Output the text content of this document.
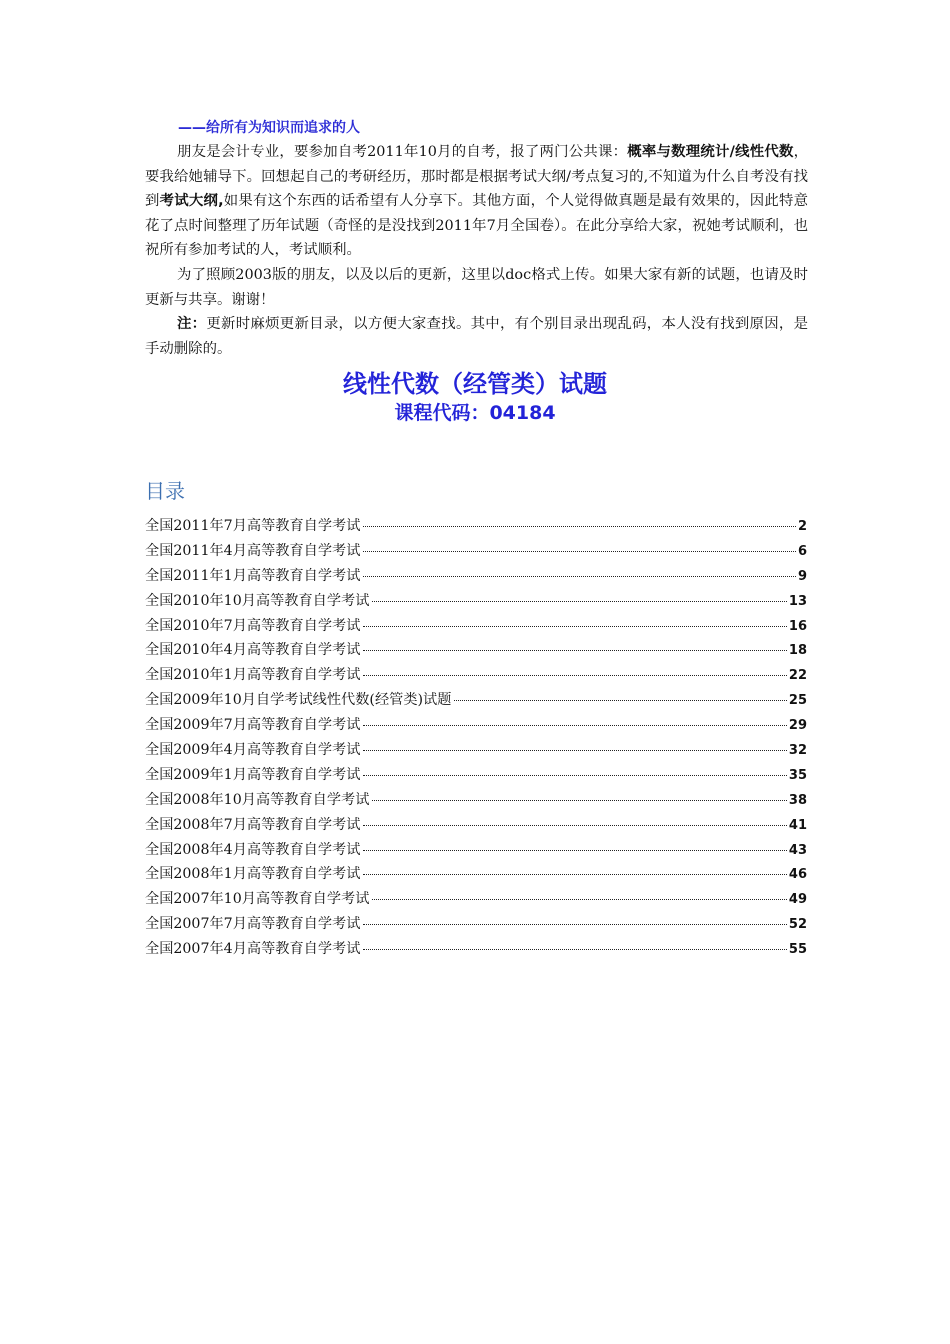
——给所有为知识而追求的人

朋友是会计专业，要参加自考2011年10月的自考，报了两门公共课：概率与数理统计/线性代数，要我给她辅导下。回想起自己的考研经历，那时都是根据考试大纲/考点复习的,不知道为什么自考没有找到考试大纲,如果有这个东西的话希望有人分享下。其他方面，个人觉得做真题是最有效果的，因此特意花了点时间整理了历年试题（奇怪的是没找到2011年7月全国卷）。在此分享给大家，祝她考试顺利，也祝所有参加考试的人，考试顺利。

为了照顾2003版的朋友，以及以后的更新，这里以doc格式上传。如果大家有新的试题，也请及时更新与共享。谢谢！

注：更新时麻烦更新目录，以方便大家查找。其中，有个别目录出现乱码，本人没有找到原因，是手动删除的。

线性代数（经管类）试题
课程代码：04184
目录
全国2011年7月高等教育自学考试	2
全国2011年4月高等教育自学考试	6
全国2011年1月高等教育自学考试	9
全国2010年10月高等教育自学考试	13
全国2010年7月高等教育自学考试	16
全国2010年4月高等教育自学考试	18
全国2010年1月高等教育自学考试	22
全国2009年10月自学考试线性代数(经管类)试题	25
全国2009年7月高等教育自学考试	29
全国2009年4月高等教育自学考试	32
全国2009年1月高等教育自学考试	35
全国2008年10月高等教育自学考试	38
全国2008年7月高等教育自学考试	41
全国2008年4月高等教育自学考试	43
全国2008年1月高等教育自学考试	46
全国2007年10月高等教育自学考试	49
全国2007年7月高等教育自学考试	52
全国2007年4月高等教育自学考试	55
